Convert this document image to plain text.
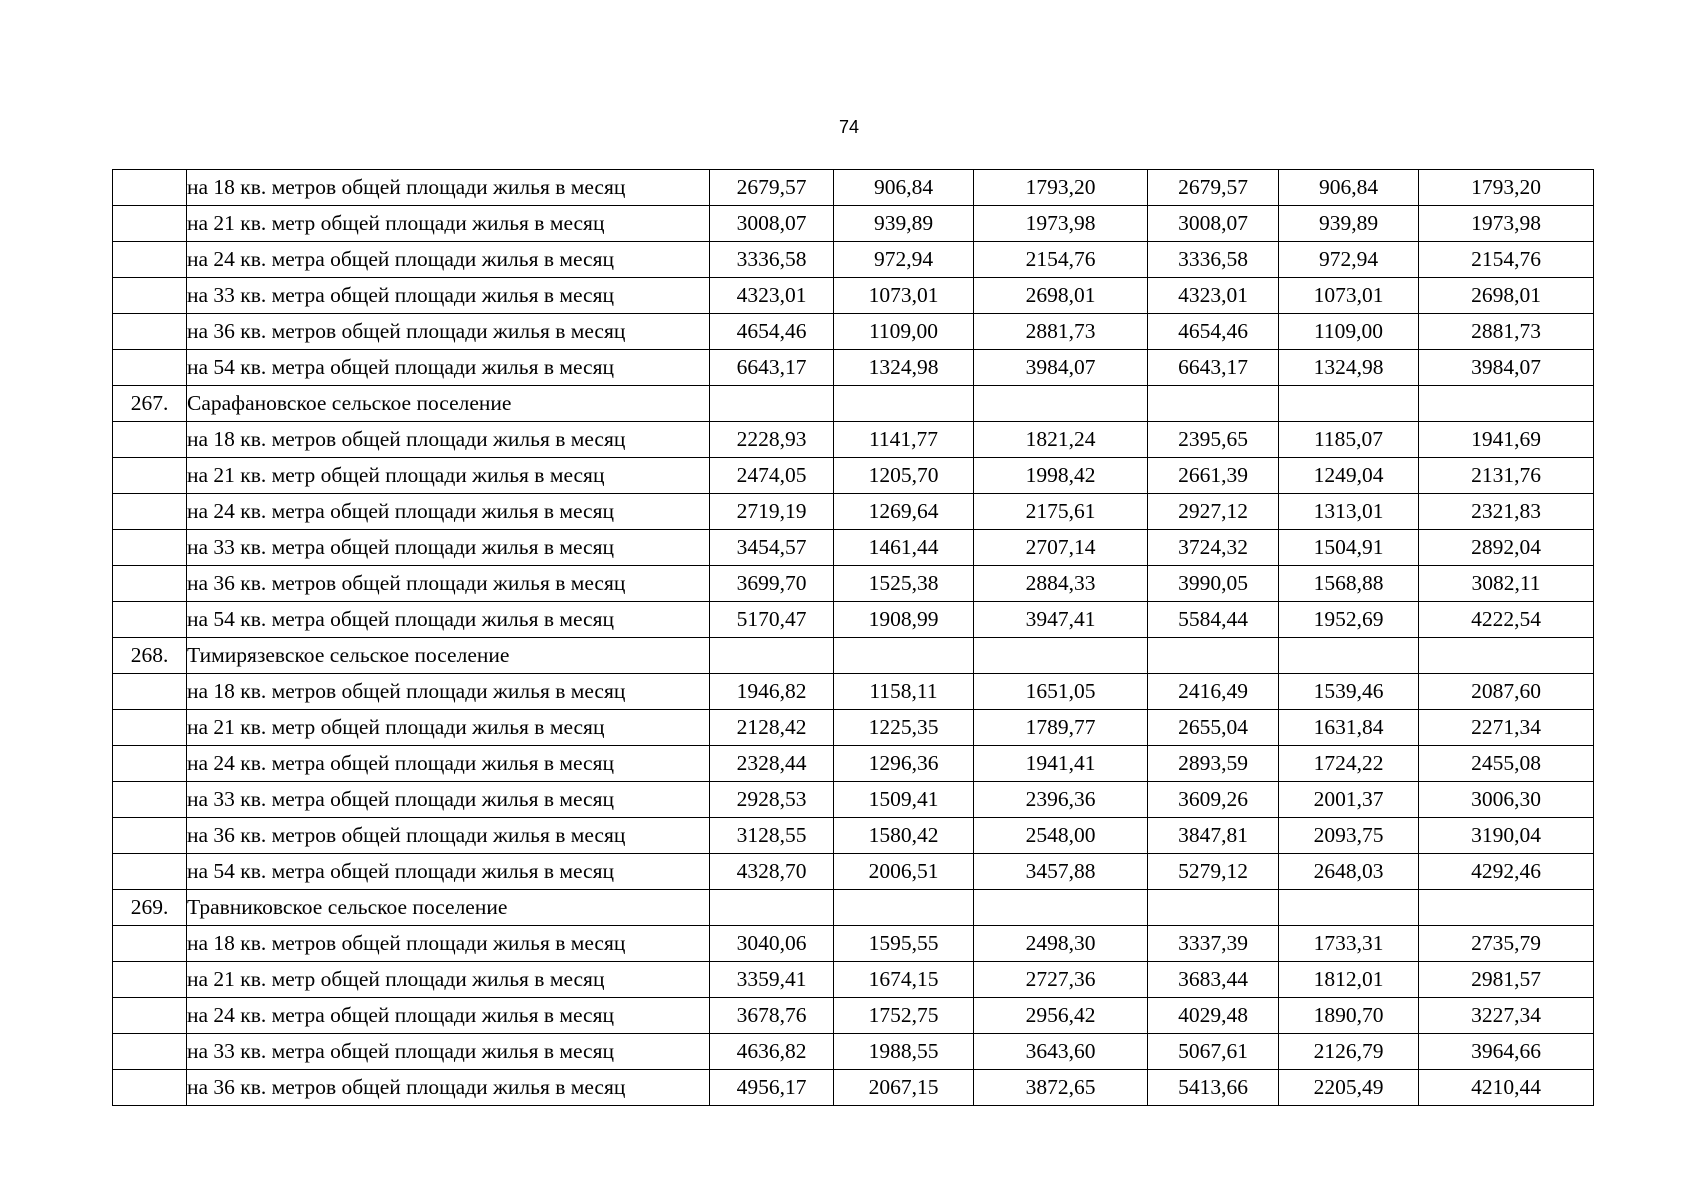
74
	на 18 кв. метров общей площади жилья в месяц	2679,57	906,84	1793,20	2679,57	906,84	1793,20
	на 21 кв. метр общей площади жилья в месяц	3008,07	939,89	1973,98	3008,07	939,89	1973,98
	на 24 кв. метра общей площади жилья в месяц	3336,58	972,94	2154,76	3336,58	972,94	2154,76
	на 33 кв. метра общей площади жилья в месяц	4323,01	1073,01	2698,01	4323,01	1073,01	2698,01
	на 36 кв. метров общей площади жилья в месяц	4654,46	1109,00	2881,73	4654,46	1109,00	2881,73
	на 54 кв. метра общей площади жилья в месяц	6643,17	1324,98	3984,07	6643,17	1324,98	3984,07
267.	Сарафановское сельское поселение						
	на 18 кв. метров общей площади жилья в месяц	2228,93	1141,77	1821,24	2395,65	1185,07	1941,69
	на 21 кв. метр общей площади жилья в месяц	2474,05	1205,70	1998,42	2661,39	1249,04	2131,76
	на 24 кв. метра общей площади жилья в месяц	2719,19	1269,64	2175,61	2927,12	1313,01	2321,83
	на 33 кв. метра общей площади жилья в месяц	3454,57	1461,44	2707,14	3724,32	1504,91	2892,04
	на 36 кв. метров общей площади жилья в месяц	3699,70	1525,38	2884,33	3990,05	1568,88	3082,11
	на 54 кв. метра общей площади жилья в месяц	5170,47	1908,99	3947,41	5584,44	1952,69	4222,54
268.	Тимирязевское сельское поселение						
	на 18 кв. метров общей площади жилья в месяц	1946,82	1158,11	1651,05	2416,49	1539,46	2087,60
	на 21 кв. метр общей площади жилья в месяц	2128,42	1225,35	1789,77	2655,04	1631,84	2271,34
	на 24 кв. метра общей площади жилья в месяц	2328,44	1296,36	1941,41	2893,59	1724,22	2455,08
	на 33 кв. метра общей площади жилья в месяц	2928,53	1509,41	2396,36	3609,26	2001,37	3006,30
	на 36 кв. метров общей площади жилья в месяц	3128,55	1580,42	2548,00	3847,81	2093,75	3190,04
	на 54 кв. метра общей площади жилья в месяц	4328,70	2006,51	3457,88	5279,12	2648,03	4292,46
269.	Травниковское сельское поселение						
	на 18 кв. метров общей площади жилья в месяц	3040,06	1595,55	2498,30	3337,39	1733,31	2735,79
	на 21 кв. метр общей площади жилья в месяц	3359,41	1674,15	2727,36	3683,44	1812,01	2981,57
	на 24 кв. метра общей площади жилья в месяц	3678,76	1752,75	2956,42	4029,48	1890,70	3227,34
	на 33 кв. метра общей площади жилья в месяц	4636,82	1988,55	3643,60	5067,61	2126,79	3964,66
	на 36 кв. метров общей площади жилья в месяц	4956,17	2067,15	3872,65	5413,66	2205,49	4210,44
